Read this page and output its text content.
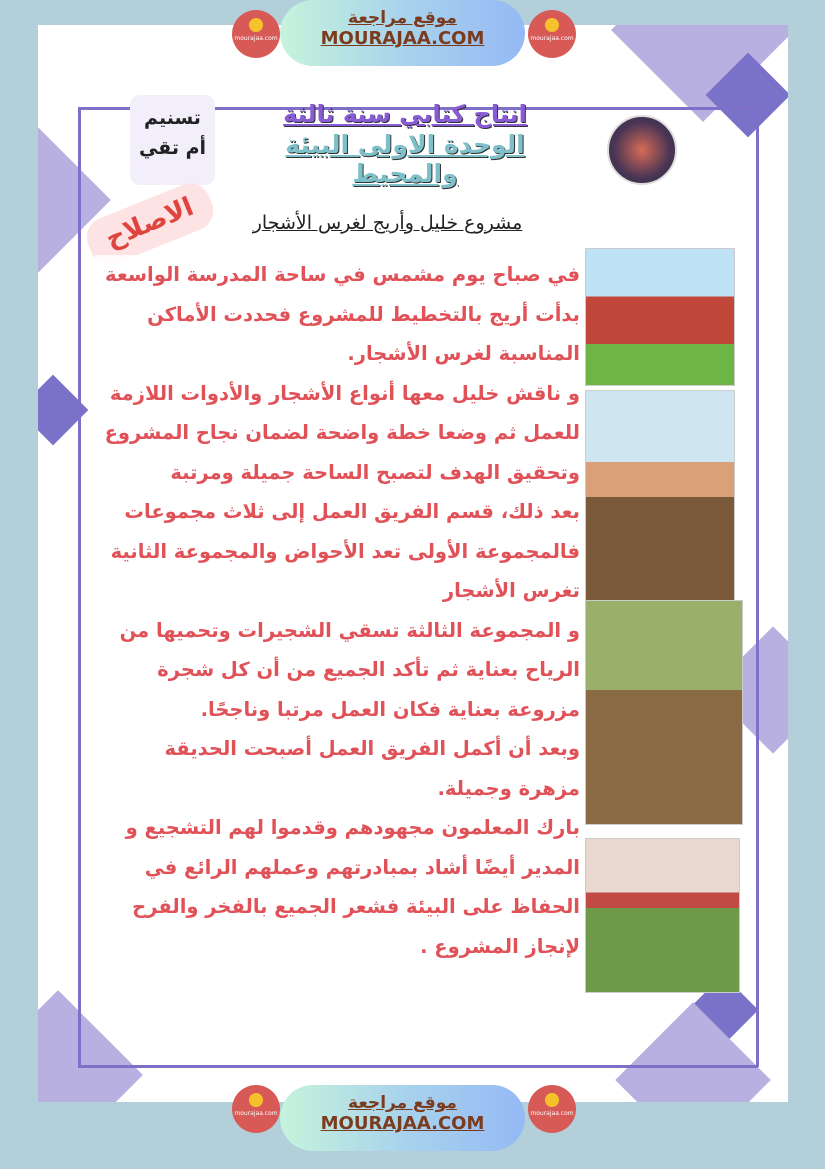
موقع مراجعة
MOURAJAA.COM
mourajaa.com	mourajaa.com
انتاج كتابي سنة ثالثة
الوحدة الاولى البيئة والمحيط
مشروع خليل وأريج لغرس الأشجار
تسنيم
أم تقي
الاصلاح

في صباح يوم مشمس في ساحة المدرسة الواسعة

بدأت أريج بالتخطيط للمشروع فحددت الأماكن

المناسبة لغرس الأشجار.

و ناقش خليل معها أنواع الأشجار والأدوات اللازمة

للعمل ثم وضعا خطة واضحة لضمان نجاح المشروع

وتحقيق الهدف لتصبح الساحة جميلة ومرتبة

بعد ذلك، قسم الفريق العمل إلى ثلاث مجموعات

فالمجموعة الأولى تعد الأحواض والمجموعة الثانية

تغرس الأشجار

و المجموعة الثالثة تسقي الشجيرات وتحميها من

الرياح بعناية ثم تأكد الجميع من أن كل شجرة

مزروعة بعناية فكان العمل مرتبا وناجحًا.

وبعد أن أكمل الفريق العمل أصبحت الحديقة

مزهرة وجميلة.

بارك المعلمون مجهودهم وقدموا لهم التشجيع و

المدير أيضًا أشاد بمبادرتهم وعملهم الرائع في

الحفاظ على البيئة فشعر الجميع بالفخر والفرح

لإنجاز المشروع .

موقع مراجعة
MOURAJAA.COM
mourajaa.com	mourajaa.com
